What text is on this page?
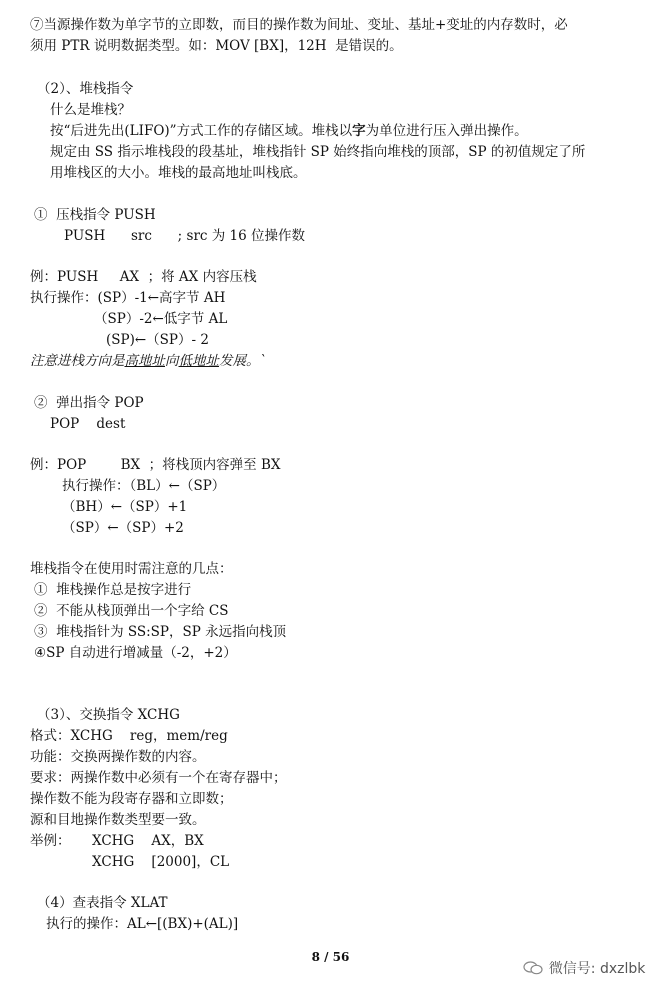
⑦当源操作数为单字节的立即数，而目的操作数为间址、变址、基址+变址的内存数时，必
须用 PTR 说明数据类型。如：MOV [BX]，12H  是错误的。
（2）、堆栈指令
什么是堆栈？
按“后进先出(LIFO)”方式工作的存储区域。堆栈以字为单位进行压入弹出操作。
规定由 SS 指示堆栈段的段基址，堆栈指针 SP 始终指向堆栈的顶部，SP 的初值规定了所
用堆栈区的大小。堆栈的最高地址叫栈底。
①  压栈指令 PUSH
PUSH      src      ; src 为 16 位操作数
例：PUSH     AX  ；将 AX 内容压栈
执行操作：(SP）-1←高字节 AH
（SP）-2←低字节 AL
(SP)←（SP）- 2
注意进栈方向是高地址向低地址发展。`
②  弹出指令 POP
POP    dest
例：POP        BX  ；将栈顶内容弹至 BX
执行操作：（BL）←（SP）
（BH）←（SP）+1
（SP）←（SP）+2
堆栈指令在使用时需注意的几点：
①  堆栈操作总是按字进行
②  不能从栈顶弹出一个字给 CS
③  堆栈指针为 SS:SP，SP 永远指向栈顶
④SP 自动进行增减量（-2，+2）
（3）、交换指令 XCHG
格式：XCHG    reg，mem/reg
功能：交换两操作数的内容。
要求：两操作数中必须有一个在寄存器中；
操作数不能为段寄存器和立即数；
源和目地操作数类型要一致。
举例：     XCHG    AX，BX
XCHG    [2000]，CL
（4）查表指令 XLAT
执行的操作：AL←[(BX)+(AL)]
8 / 56

微信号: dxzlbk
